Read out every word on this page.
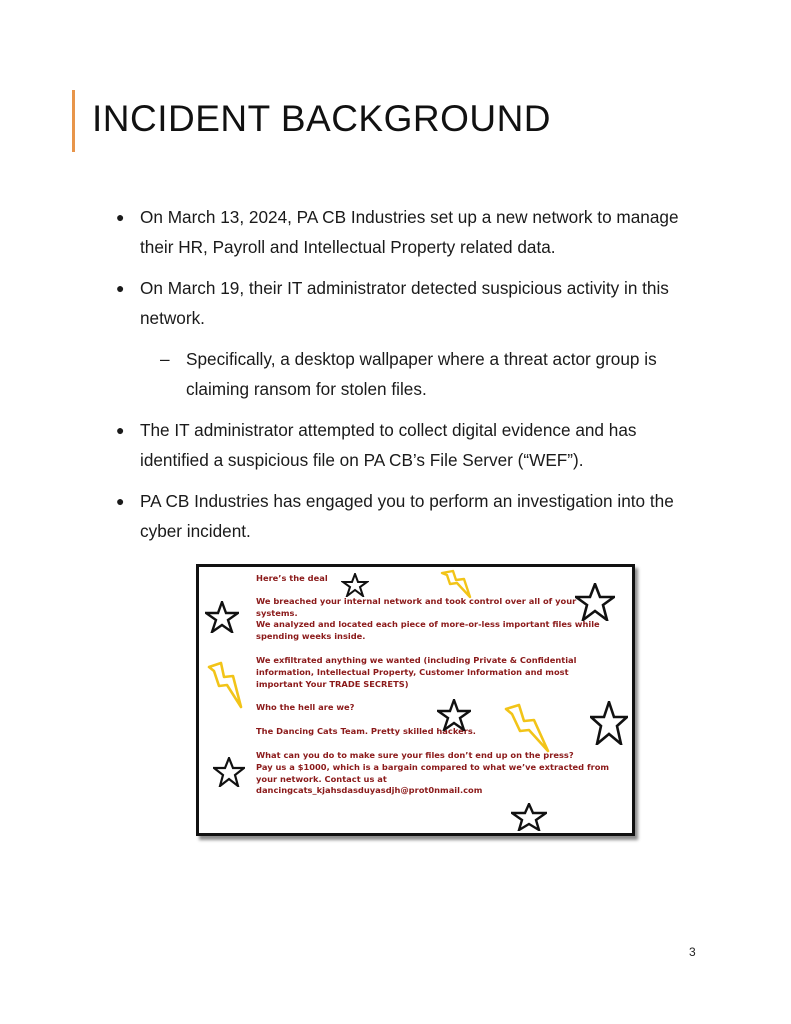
INCIDENT BACKGROUND
● On March 13, 2024, PA CB Industries set up a new network to manage their HR, Payroll and Intellectual Property related data.
● On March 19, their IT administrator detected suspicious activity in this network.
– Specifically, a desktop wallpaper where a threat actor group is claiming ransom for stolen files.
● The IT administrator attempted to collect digital evidence and has identified a suspicious file on PA CB’s File Server (“WEF”).
● PA CB Industries has engaged you to perform an investigation into the cyber incident.

Here’s the deal

We breached your internal network and took control over all of your systems.

We analyzed and located each piece of more-or-less important files while spending weeks inside.

We exfiltrated anything we wanted (including Private & Confidential information, Intellectual Property, Customer Information and most important Your TRADE SECRETS)

Who the hell are we?

The Dancing Cats Team. Pretty skilled hackers.

What can you do to make sure your files don’t end up on the press?

Pay us a $1000, which is a bargain compared to what we’ve extracted from your network. Contact us at

dancingcats_kjahsdasduyasdjh@prot0nmail.com

3
